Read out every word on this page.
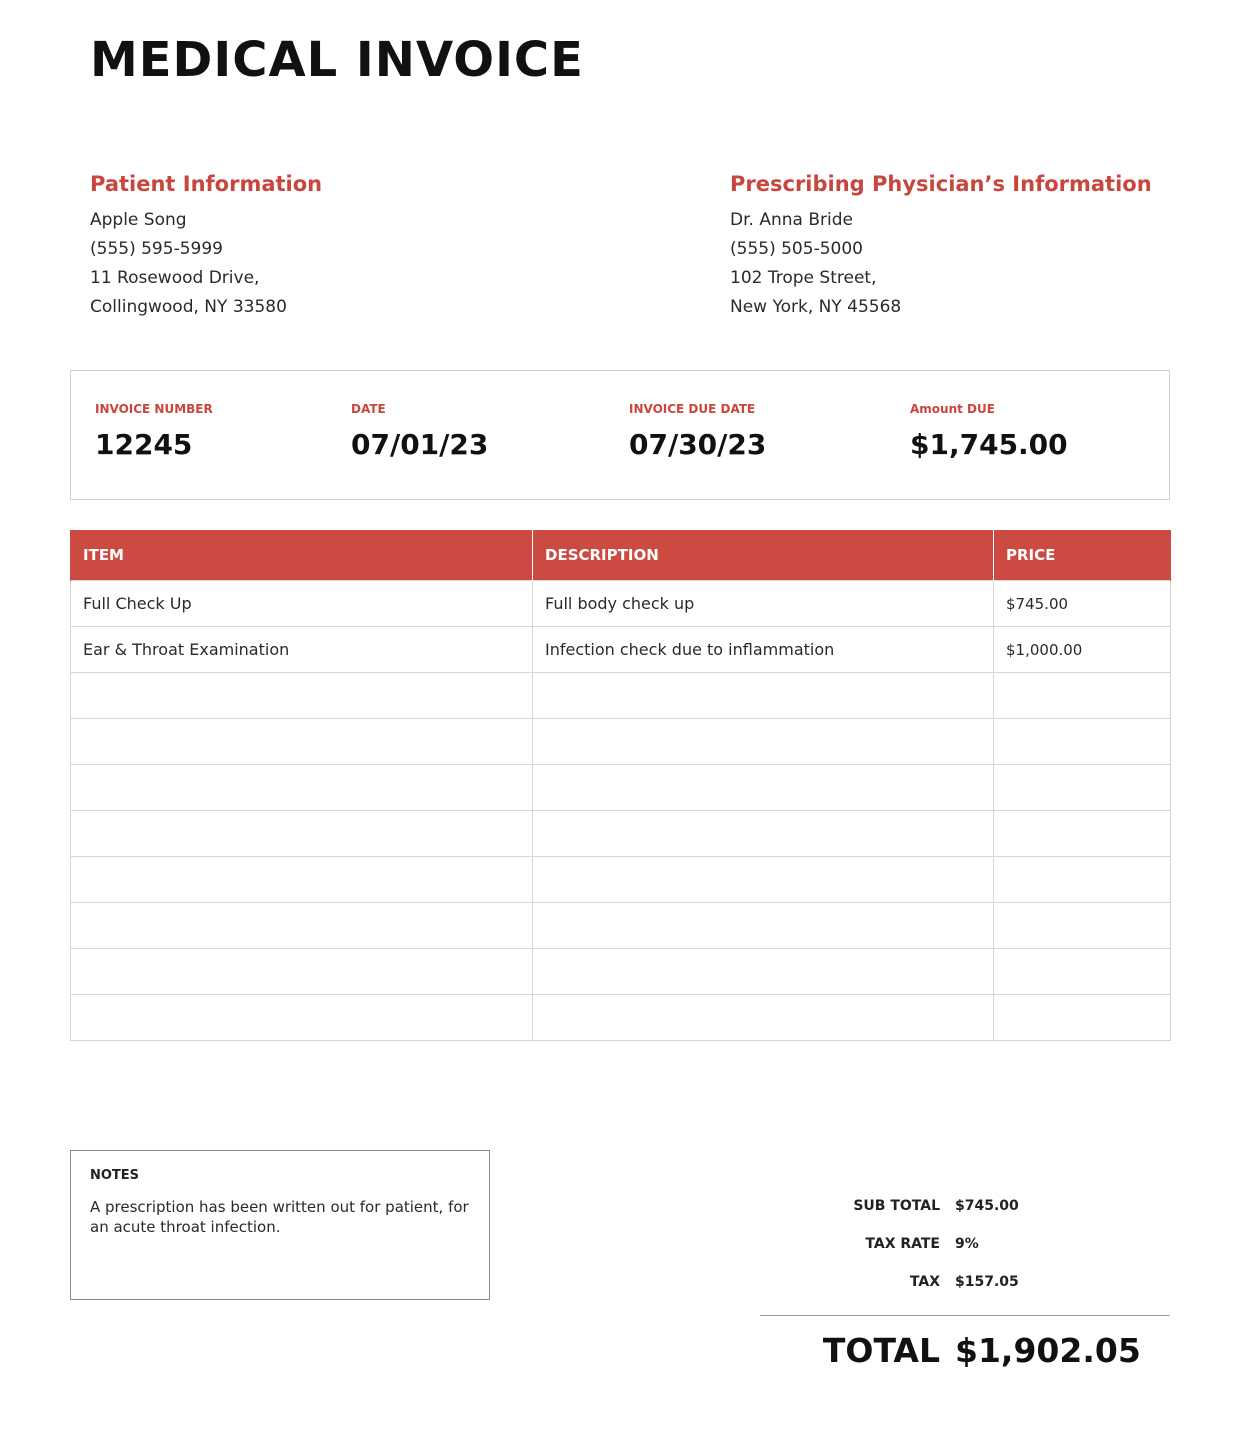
MEDICAL INVOICE
Patient Information
Apple Song
(555) 595-5999
11 Rosewood Drive,
Collingwood, NY 33580
Prescribing Physician’s Information
Dr. Anna Bride
(555) 505-5000
102 Trope Street,
New York, NY 45568
INVOICE NUMBER
12245
DATE
07/01/23
INVOICE DUE DATE
07/30/23
Amount DUE
$1,745.00
ITEM	DESCRIPTION	PRICE
Full Check Up	Full body check up	$745.00
Ear & Throat Examination	Infection check due to inflammation	$1,000.00

NOTES
A prescription has been written out for patient, for an acute throat infection.
SUB TOTAL $745.00
TAX RATE 9%
TAX $157.05
TOTAL $1,902.05
